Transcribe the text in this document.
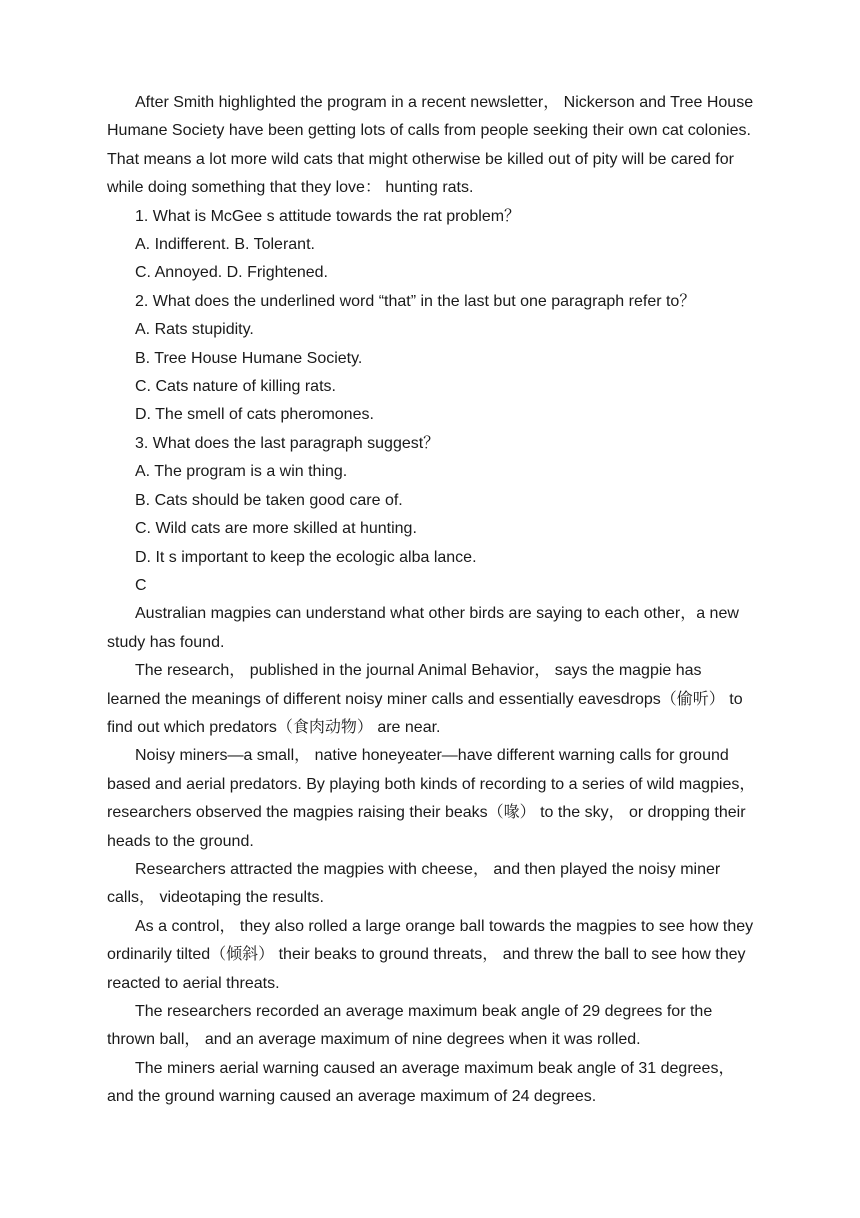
After Smith highlighted the program in a recent newsletter， Nickerson and Tree House Humane Society have been getting lots of calls from people seeking their own cat colonies. That means a lot more wild cats that might otherwise be killed out of pity will be cared for while doing something that they love： hunting rats.

1. What is McGee s attitude towards the rat problem？

A. Indifferent. B. Tolerant.

C. Annoyed. D. Frightened.

2. What does the underlined word “that” in the last but one paragraph refer to？

A. Rats stupidity.

B. Tree House Humane Society.

C. Cats nature of killing rats.

D. The smell of cats pheromones.

3. What does the last paragraph suggest？

A. The program is a win thing.

B. Cats should be taken good care of.

C. Wild cats are more skilled at hunting.

D. It s important to keep the ecologic alba lance.

C

Australian magpies can understand what other birds are saying to each other，a new study has found.

The research， published in the journal Animal Behavior， says the magpie has learned the meanings of different noisy miner calls and essentially eavesdrops（偷听） to find out which predators（食肉动物） are near.

Noisy miners—a small， native honeyeater—have different warning calls for ground based and aerial predators. By playing both kinds of recording to a series of wild magpies， researchers observed the magpies raising their beaks（喙） to the sky， or dropping their heads to the ground.

Researchers attracted the magpies with cheese， and then played the noisy miner calls， videotaping the results.

As a control， they also rolled a large orange ball towards the magpies to see how they ordinarily tilted（倾斜） their beaks to ground threats， and threw the ball to see how they reacted to aerial threats.

The researchers recorded an average maximum beak angle of 29 degrees for the thrown ball， and an average maximum of nine degrees when it was rolled.

The miners aerial warning caused an average maximum beak angle of 31 degrees，and the ground warning caused an average maximum of 24 degrees.
